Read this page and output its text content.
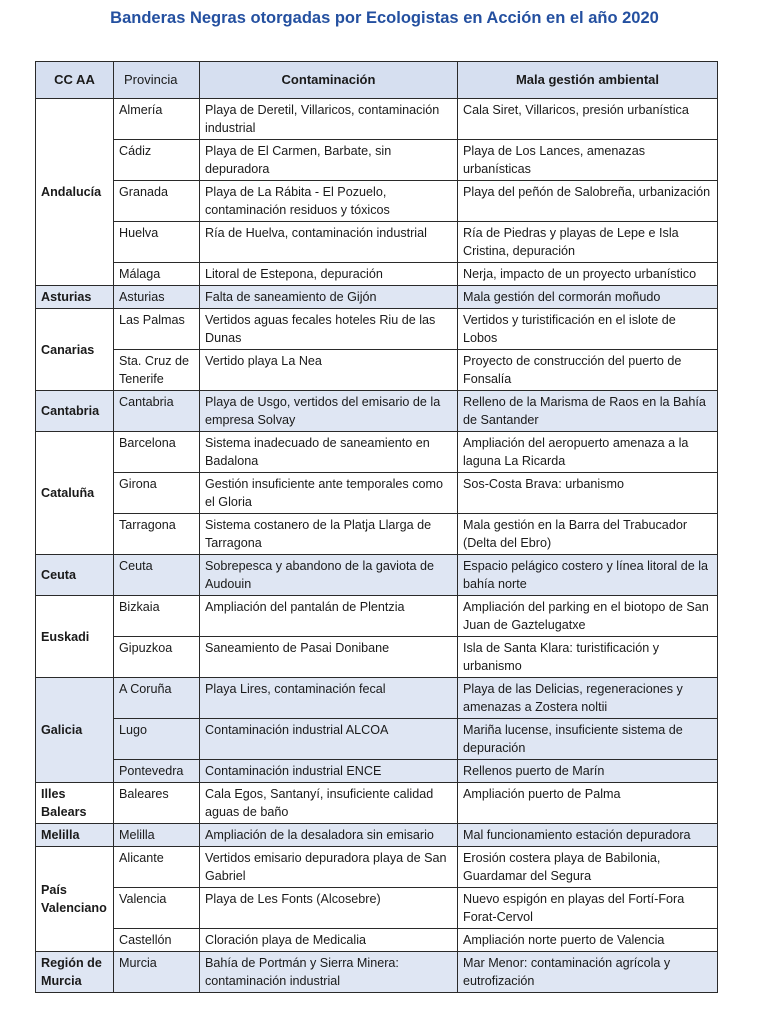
Banderas Negras otorgadas por Ecologistas en Acción en el año 2020
CC AA	Provincia	Contaminación	Mala gestión ambiental
Andalucía	Almería	Playa de Deretil, Villaricos, contaminación industrial	Cala Siret, Villaricos, presión urbanística
	Cádiz	Playa de El Carmen, Barbate, sin depuradora	Playa de Los Lances, amenazas urbanísticas
	Granada	Playa de La Rábita - El Pozuelo, contaminación residuos y tóxicos	Playa del peñón de Salobreña, urbanización
	Huelva	Ría de Huelva, contaminación industrial	Ría de Piedras y playas de Lepe e Isla Cristina, depuración
	Málaga	Litoral de Estepona, depuración	Nerja, impacto de un proyecto urbanístico
Asturias	Asturias	Falta de saneamiento de Gijón	Mala gestión del cormorán moñudo
Canarias	Las Palmas	Vertidos aguas fecales hoteles Riu de las Dunas	Vertidos y turistificación en el islote de Lobos
	Sta. Cruz de Tenerife	Vertido playa La Nea	Proyecto de construcción del puerto de Fonsalía
Cantabria	Cantabria	Playa de Usgo, vertidos del emisario de la empresa Solvay	Relleno de la Marisma de Raos en la Bahía de Santander
Cataluña	Barcelona	Sistema inadecuado de saneamiento en Badalona	Ampliación del aeropuerto amenaza a la laguna La Ricarda
	Girona	Gestión insuficiente ante temporales como el Gloria	Sos-Costa Brava: urbanismo
	Tarragona	Sistema costanero de la Platja Llarga de Tarragona	Mala gestión en la Barra del Trabucador (Delta del Ebro)
Ceuta	Ceuta	Sobrepesca y abandono de la gaviota de Audouin	Espacio pelágico costero y línea litoral de la bahía norte
Euskadi	Bizkaia	Ampliación del pantalán de Plentzia	Ampliación del parking en el biotopo de San Juan de Gaztelugatxe
	Gipuzkoa	Saneamiento de Pasai Donibane	Isla de Santa Klara: turistificación y urbanismo
Galicia	A Coruña	Playa Lires, contaminación fecal	Playa de las Delicias, regeneraciones y amenazas a Zostera noltii
	Lugo	Contaminación industrial ALCOA	Mariña lucense, insuficiente sistema de depuración
	Pontevedra	Contaminación industrial ENCE	Rellenos puerto de Marín
Illes Balears	Baleares	Cala Egos, Santanyí, insuficiente calidad aguas de baño	Ampliación puerto de Palma
Melilla	Melilla	Ampliación de la desaladora sin emisario	Mal funcionamiento estación depuradora
País Valenciano	Alicante	Vertidos emisario depuradora playa de San Gabriel	Erosión costera playa de Babilonia, Guardamar del Segura
	Valencia	Playa de Les Fonts (Alcosebre)	Nuevo espigón en playas del Fortí-Fora Forat-Cervol
	Castellón	Cloración playa de Medicalia	Ampliación norte puerto de Valencia
Región de Murcia	Murcia	Bahía de Portmán y Sierra Minera: contaminación industrial	Mar Menor: contaminación agrícola y eutrofización
